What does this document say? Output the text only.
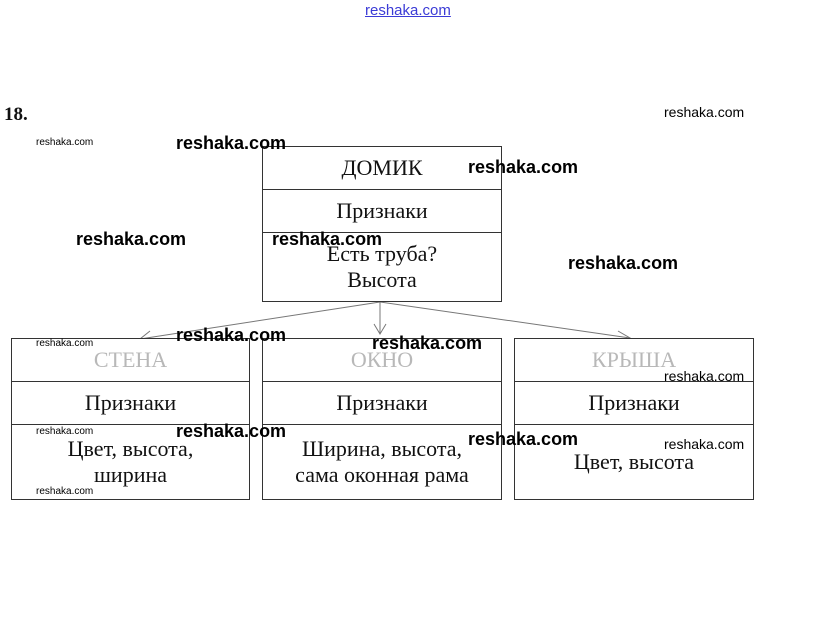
reshaka.com
18.
ДОМИК
Признаки
Есть труба?
Высота
СТЕНА
Признаки
Цвет, высота,
ширина
ОКНО
Признаки
Ширина, высота,
сама оконная рама
КРЫША
Признаки
Цвет, высота
reshaka.com
reshaka.com	reshaka.com
reshaka.com
reshaka.com	reshaka.com
reshaka.com
reshaka.com
reshaka.com	reshaka.com
reshaka.com
reshaka.com	reshaka.com	reshaka.com	reshaka.com
reshaka.com
